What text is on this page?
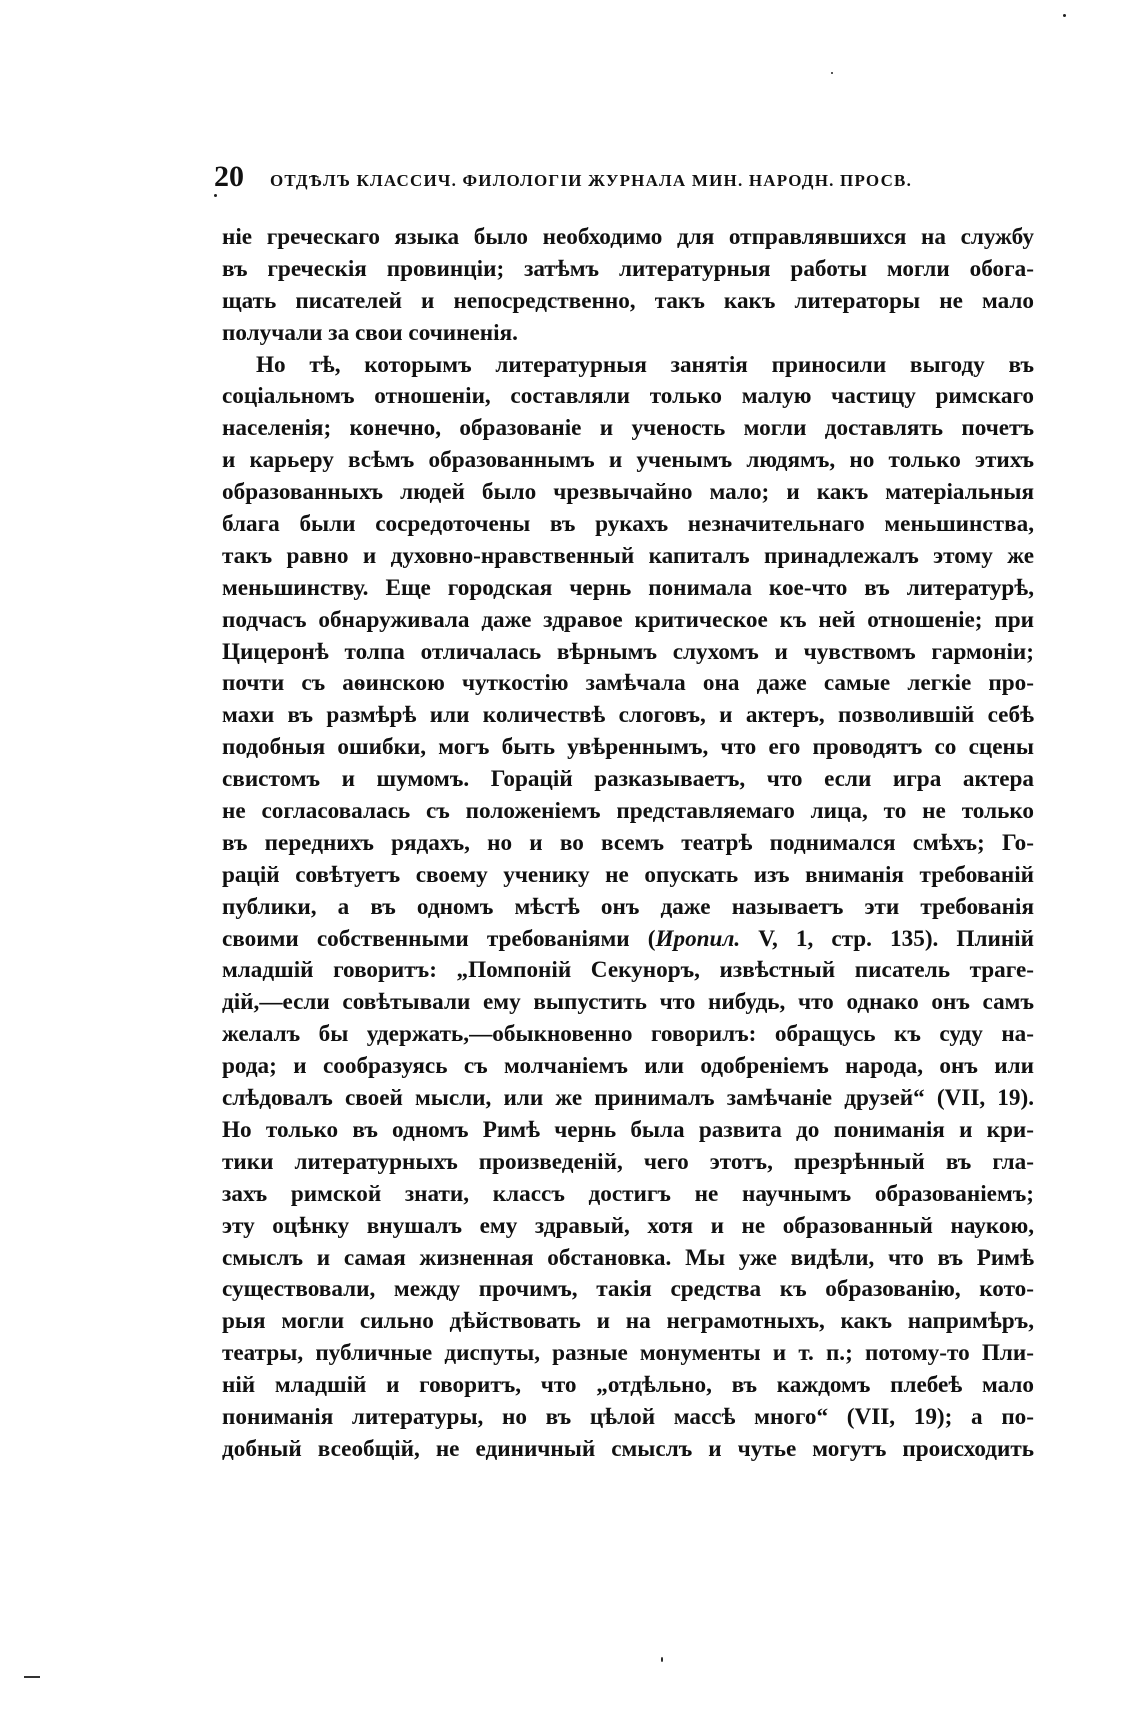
20 ОТДѢЛЪ КЛАССИЧ. ФИЛОЛОГІИ ЖУРНАЛА МИН. НАРОДН. ПРОСВ.
ніе греческаго языка было необходимо для отправлявшихся на службу
въ греческія провинціи; затѣмъ литературныя работы могли обога-
щать писателей и непосредственно, такъ какъ литераторы не мало
получали за свои сочиненія.
Но тѣ, которымъ литературныя занятія приносили выгоду въ
соціальномъ отношеніи, составляли только малую частицу римскаго
населенія; конечно, образованіе и ученость могли доставлять почетъ
и карьеру всѣмъ образованнымъ и ученымъ людямъ, но только этихъ
образованныхъ людей было чрезвычайно мало; и какъ матеріальныя
блага были сосредоточены въ рукахъ незначительнаго меньшинства,
такъ равно и духовно-нравственный капиталъ принадлежалъ этому же
меньшинству. Еще городская чернь понимала кое-что въ литературѣ,
подчасъ обнаруживала даже здравое критическое къ ней отношеніе; при
Цицеронѣ толпа отличалась вѣрнымъ слухомъ и чувствомъ гармоніи;
почти съ аѳинскою чуткостію замѣчала она даже самые легкіе про-
махи въ размѣрѣ или количествѣ слоговъ, и актеръ, позволившій себѣ
подобныя ошибки, могъ быть увѣреннымъ, что его проводятъ со сцены
свистомъ и шумомъ. Горацій разказываетъ, что если игра актера
не согласовалась съ положеніемъ представляемаго лица, то не только
въ переднихъ рядахъ, но и во всемъ театрѣ поднимался смѣхъ; Го-
рацій совѣтуетъ своему ученику не опускать изъ вниманія требованій
публики, а въ одномъ мѣстѣ онъ даже называетъ эти требованія
своими собственными требованіями (Иропил. V, 1, стр. 135). Плиній
младшій говоритъ: „Помпоній Секунoръ, извѣстный писатель траге-
дій,—если совѣтывали ему выпустить что нибудь, что однако онъ самъ
желалъ бы удержать,—обыкновенно говорилъ: обращусь къ суду на-
рода; и сообразуясь съ молчаніемъ или одобреніемъ народа, онъ или
слѣдовалъ своей мысли, или же принималъ замѣчаніе друзей“ (VII, 19).
Но только въ одномъ Римѣ чернь была развита до пониманія и кри-
тики литературныхъ произведеній, чего этотъ, презрѣнный въ гла-
захъ римской знати, классъ достигъ не научнымъ образованіемъ;
эту оцѣнку внушалъ ему здравый, хотя и не образованный наукою,
смыслъ и самая жизненная обстановка. Мы уже видѣли, что въ Римѣ
существовали, между прочимъ, такія средства къ образованію, кото-
рыя могли сильно дѣйствовать и на неграмотныхъ, какъ напримѣръ,
театры, публичные диспуты, разные монументы и т. п.; потому-то Пли-
ній младшій и говоритъ, что „отдѣльно, въ каждомъ плебеѣ мало
пониманія литературы, но въ цѣлой массѣ много“ (VII, 19); а по-
добный всеобщій, не единичный смыслъ и чутье могутъ происходить
